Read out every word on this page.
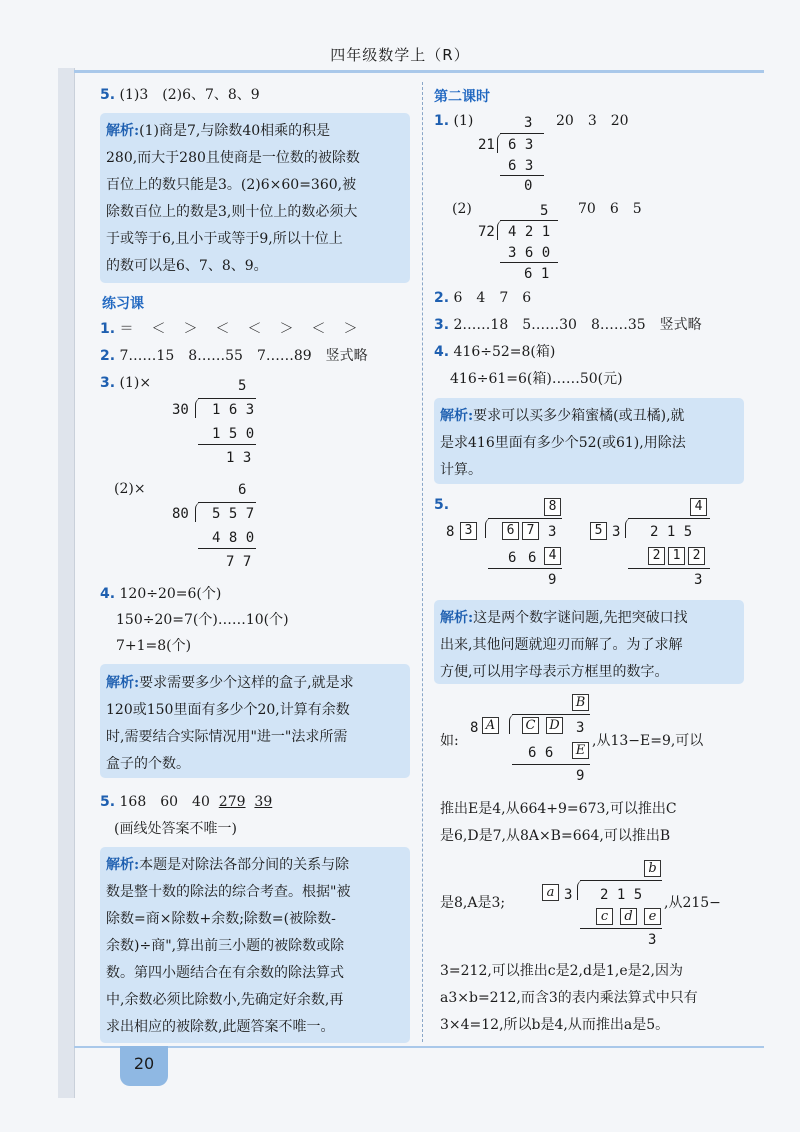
四年级数学上（R）
5. (1)3　(2)6、7、8、9
解析:(1)商是7,与除数40相乘的积是
280,而大于280且使商是一位数的被除数
百位上的数只能是3。(2)6×60=360,被
除数百位上的数是3,则十位上的数必须大
于或等于6,且小于或等于9,所以十位上
的数可以是6、7、8、9。
练习课
1. ＝　＜　＞　＜　＜　＞　＜　＞
2. 7……15　8……55　7……89　竖式略
3. (1)×	5
30 1 6 3
1 5 0
1 3
(2)×	6
80 5 5 7
4 8 0
7 7
4. 120÷20=6(个)
150÷20=7(个)……10(个)
7+1=8(个)
解析:要求需要多少个这样的盒子,就是求
120或150里面有多少个20,计算有余数
时,需要结合实际情况用"进一"法求所需
盒子的个数。
5. 168　60　40 279 39
(画线处答案不唯一)
解析:本题是对除法各部分间的关系与除
数是整十数的除法的综合考查。根据"被
除数=商×除数+余数;除数=(被除数-
余数)÷商",算出前三小题的被除数或除
数。第四小题结合在有余数的除法算式
中,余数必须比除数小,先确定好余数,再
求出相应的被除数,此题答案不唯一。
第二课时
1. (1)	3 20　3　20
21 6 3
6 3
0
(2)	5 70　6　5
72 4 2 1
3 6 0
6 1
2. 6　4　7　6
3. 2……18　5……30　8……35　竖式略
4. 416÷52=8(箱)
416÷61=6(箱)……50(元)
解析:要求可以买多少箱蜜橘(或丑橘),就
是求416里面有多少个52(或61),用除法
计算。
5.	8
8 3	6 7 3
6 6 4
9
4
5 3 2 1 5
2 1 2
3
解析:这是两个数字谜问题,先把突破口找
出来,其他问题就迎刃而解了。为了求解
方便,可以用字母表示方框里的数字。
如:
B
8 A C D 3
6 6 E
9
,从13−E=9,可以
推出E是4,从664+9=673,可以推出C
是6,D是7,从8A×B=664,可以推出B
是8,A是3;
b
a 3 2 1 5
c	d	e
3
,从215−
3=212,可以推出c是2,d是1,e是2,因为
a3×b=212,而含3的表内乘法算式中只有
3×4=12,所以b是4,从而推出a是5。
20
